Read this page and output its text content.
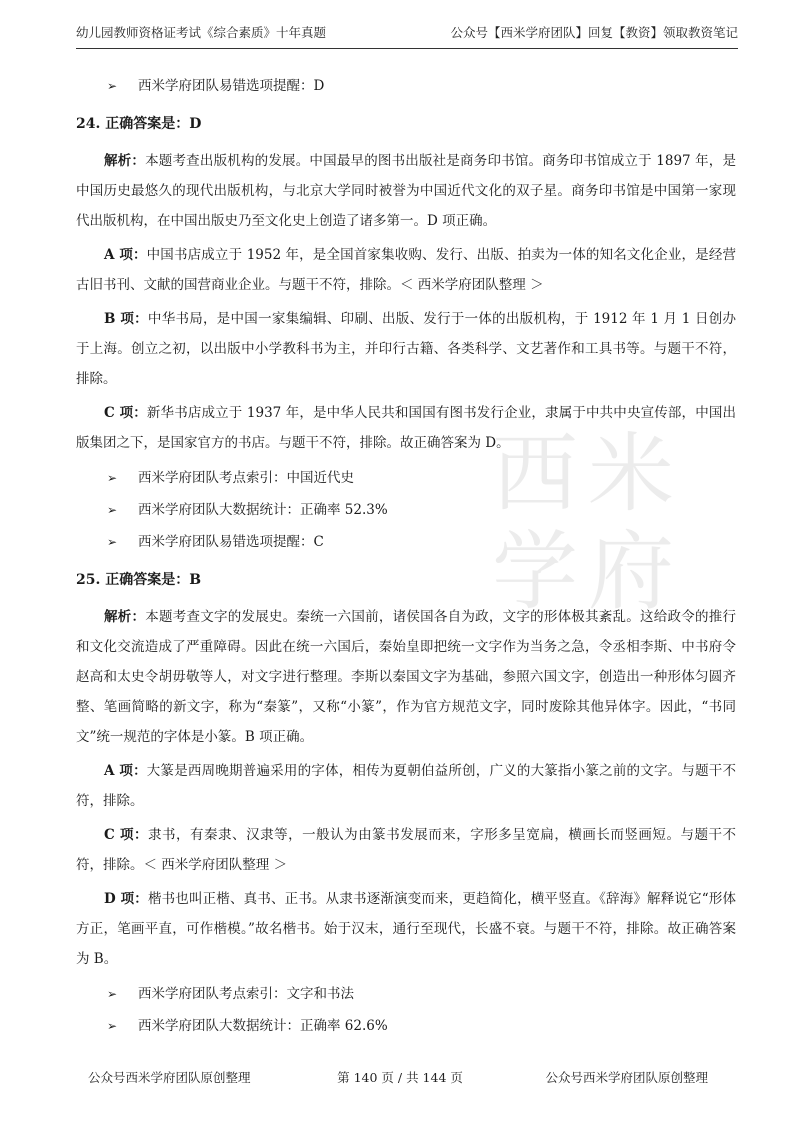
幼儿园教师资格证考试《综合素质》十年真题	公众号【西米学府团队】回复【教资】领取教资笔记
西米
学府
➢ 西米学府团队易错选项提醒：D
24. 正确答案是：D

解析：本题考查出版机构的发展。中国最早的图书出版社是商务印书馆。商务印书馆成立于 1897 年，是中国历史最悠久的现代出版机构，与北京大学同时被誉为中国近代文化的双子星。商务印书馆是中国第一家现代出版机构，在中国出版史乃至文化史上创造了诸多第一。D 项正确。

A 项：中国书店成立于 1952 年，是全国首家集收购、发行、出版、拍卖为一体的知名文化企业，是经营古旧书刊、文献的国营商业企业。与题干不符，排除。＜ 西米学府团队整理 ＞

B 项：中华书局，是中国一家集编辑、印刷、出版、发行于一体的出版机构，于 1912 年 1 月 1 日创办于上海。创立之初，以出版中小学教科书为主，并印行古籍、各类科学、文艺著作和工具书等。与题干不符，排除。

C 项：新华书店成立于 1937 年，是中华人民共和国国有图书发行企业，隶属于中共中央宣传部，中国出版集团之下，是国家官方的书店。与题干不符，排除。故正确答案为 D。

➢ 西米学府团队考点索引：中国近代史
➢ 西米学府团队大数据统计：正确率 52.3%
➢ 西米学府团队易错选项提醒：C
25. 正确答案是：B

解析：本题考查文字的发展史。秦统一六国前，诸侯国各自为政，文字的形体极其紊乱。这给政令的推行和文化交流造成了严重障碍。因此在统一六国后，秦始皇即把统一文字作为当务之急，令丞相李斯、中书府令赵高和太史令胡毋敬等人，对文字进行整理。李斯以秦国文字为基础，参照六国文字，创造出一种形体匀圆齐整、笔画简略的新文字，称为“秦篆”，又称“小篆”，作为官方规范文字，同时废除其他异体字。因此，“书同文”统一规范的字体是小篆。B 项正确。

A 项：大篆是西周晚期普遍采用的字体，相传为夏朝伯益所创，广义的大篆指小篆之前的文字。与题干不符，排除。

C 项：隶书，有秦隶、汉隶等，一般认为由篆书发展而来，字形多呈宽扁，横画长而竖画短。与题干不符，排除。＜ 西米学府团队整理 ＞

D 项：楷书也叫正楷、真书、正书。从隶书逐渐演变而来，更趋简化，横平竖直。《辞海》解释说它“形体方正，笔画平直，可作楷模。”故名楷书。始于汉末，通行至现代，长盛不衰。与题干不符，排除。故正确答案为 B。

➢ 西米学府团队考点索引：文字和书法
➢ 西米学府团队大数据统计：正确率 62.6%
公众号西米学府团队原创整理	第 140 页 / 共 144 页	公众号西米学府团队原创整理
